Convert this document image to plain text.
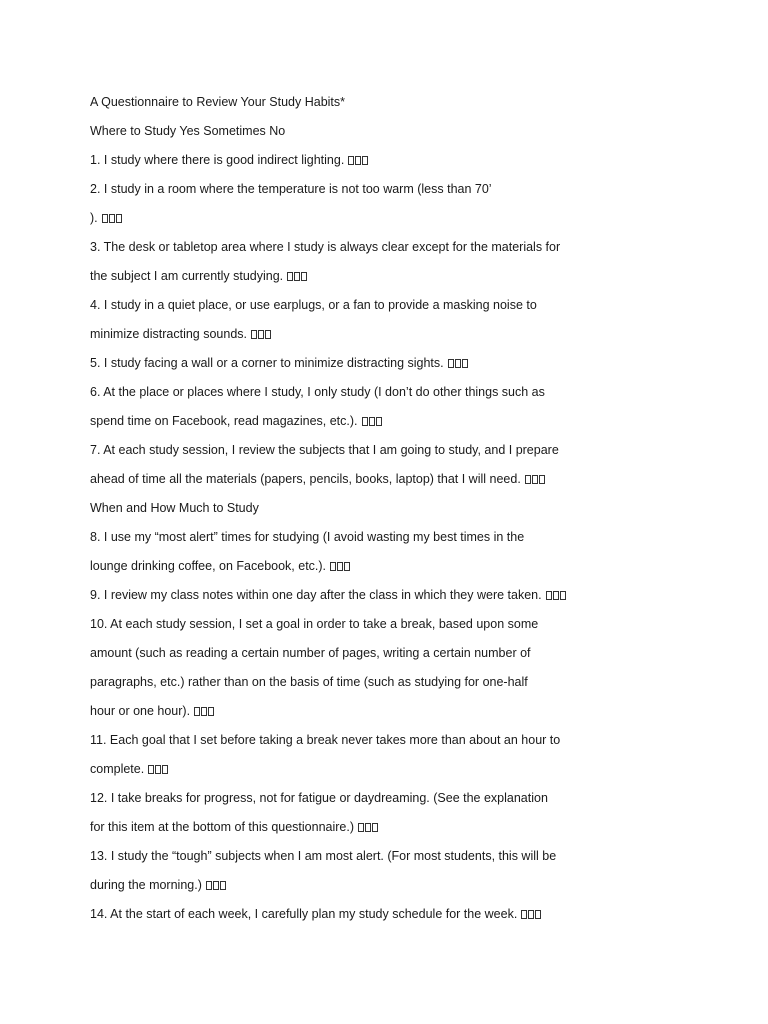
A Questionnaire to Review Your Study Habits*
Where to Study Yes Sometimes No
1. I study where there is good indirect lighting.
2. I study in a room where the temperature is not too warm (less than 70’
).
3. The desk or tabletop area where I study is always clear except for the materials for
the subject I am currently studying.
4. I study in a quiet place, or use earplugs, or a fan to provide a masking noise to
minimize distracting sounds.
5. I study facing a wall or a corner to minimize distracting sights.
6. At the place or places where I study, I only study (I don’t do other things such as
spend time on Facebook, read magazines, etc.).
7. At each study session, I review the subjects that I am going to study, and I prepare
ahead of time all the materials (papers, pencils, books, laptop) that I will need.
When and How Much to Study
8. I use my “most alert” times for studying (I avoid wasting my best times in the
lounge drinking coffee, on Facebook, etc.).
9. I review my class notes within one day after the class in which they were taken.
10. At each study session, I set a goal in order to take a break, based upon some
amount (such as reading a certain number of pages, writing a certain number of
paragraphs, etc.) rather than on the basis of time (such as studying for one-half
hour or one hour).
11. Each goal that I set before taking a break never takes more than about an hour to
complete.
12. I take breaks for progress, not for fatigue or daydreaming. (See the explanation
for this item at the bottom of this questionnaire.)
13. I study the “tough” subjects when I am most alert. (For most students, this will be
during the morning.)
14. At the start of each week, I carefully plan my study schedule for the week.
